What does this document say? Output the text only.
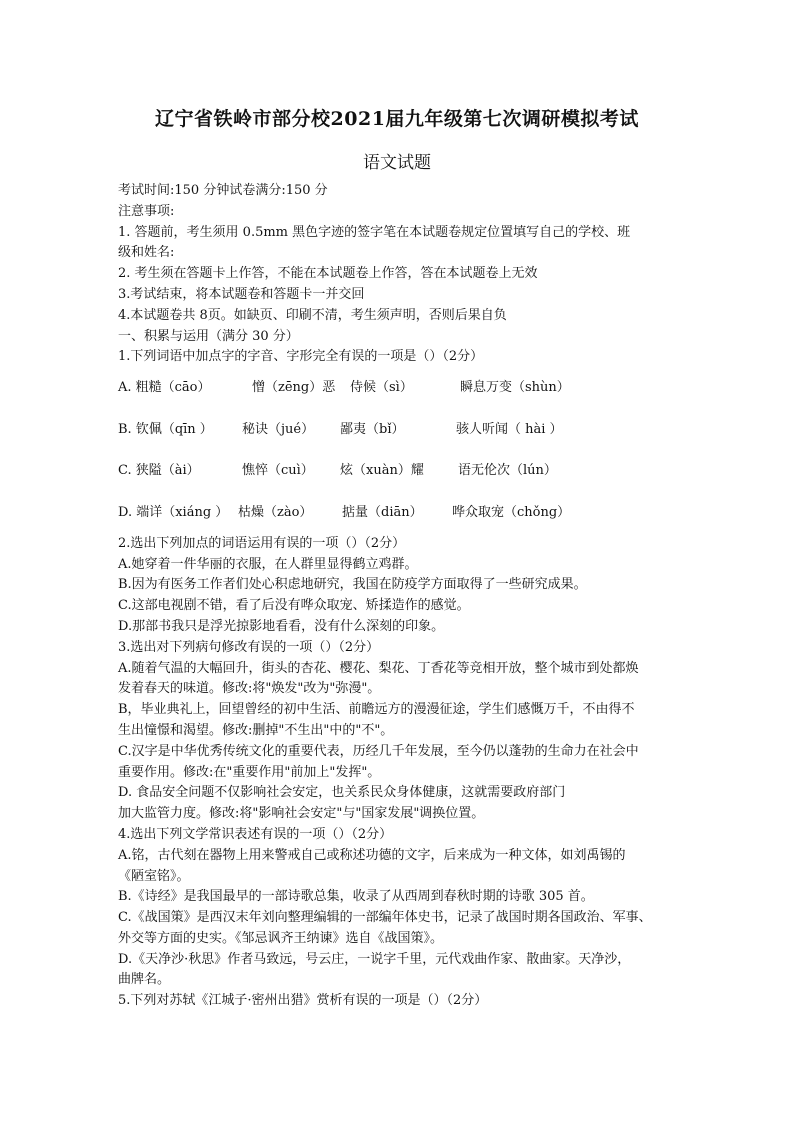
辽宁省铁岭市部分校2021届九年级第七次调研模拟考试
语文试题

考试时间:150 分钟试卷满分:150 分

注意事项:

1. 答题前，考生须用 0.5mm 黑色字迹的签字笔在本试题卷规定位置填写自己的学校、班

级和姓名:

2. 考生须在答题卡上作答，不能在本试题卷上作答，答在本试题卷上无效

3.考试结束，将本试题卷和答题卡一并交回

4.本试题卷共 8页。如缺页、印刷不清，考生须声明，否则后果自负

一、积累与运用（满分 30 分）

1.下列词语中加点字的字音、字形完全有误的一项是（）（2分）

A. 粗糙（cāo）	憎（zēng）恶	侍候（sì）	瞬息万变（shùn）
B. 钦佩（qīn ）	秘诀（jué）	鄙夷（bǐ）	骇人听闻（ hài ）
C. 狭隘（ài）	憔悴（cuì）	炫（xuàn）耀	语无伦次（lún）
D. 端详（xiáng ） 枯燥（zào）	掂量（diān）	哗众取宠（chǒng）

2.选出下列加点的词语运用有误的一项（）（2分）

A.她穿着一件华丽的衣服，在人群里显得鹤立鸡群。

B.因为有医务工作者们处心积虑地研究，我国在防疫学方面取得了一些研究成果。

C.这部电视剧不错，看了后没有哗众取宠、矫揉造作的感觉。

D.那部书我只是浮光掠影地看看，没有什么深刻的印象。

3.选出对下列病句修改有误的一项（）（2分）

A.随着气温的大幅回升，街头的杏花、樱花、梨花、丁香花等竞相开放，整个城市到处都焕

发着春天的味道。修改:将"焕发"改为"弥漫"。

B，毕业典礼上，回望曾经的初中生活、前瞻远方的漫漫征途，学生们感慨万千，不由得不

生出憧憬和渴望。修改:删掉"不生出"中的"不"。

C.汉字是中华优秀传统文化的重要代表，历经几千年发展，至今仍以蓬勃的生命力在社会中

重要作用。修改:在"重要作用"前加上"发挥"。

D. 食品安全问题不仅影响社会安定，也关系民众身体健康，这就需要政府部门

加大监管力度。修改:将"影响社会安定"与"国家发展"调换位置。

4.选出下列文学常识表述有误的一项（）（2分）

A.铭，古代刻在器物上用来警戒自己或称述功德的文字，后来成为一种文体，如刘禹锡的

《陋室铭》。

B.《诗经》是我国最早的一部诗歌总集，收录了从西周到春秋时期的诗歌 305 首。

C.《战国策》是西汉末年刘向整理编辑的一部编年体史书，记录了战国时期各国政治、军事、

外交等方面的史实。《邹忌讽齐王纳谏》选自《战国策》。

D.《天净沙·秋思》作者马致远，号云庄，一说字千里，元代戏曲作家、散曲家。天净沙，

曲牌名。

5.下列对苏轼《江城子·密州出猎》赏析有误的一项是（）（2分）
